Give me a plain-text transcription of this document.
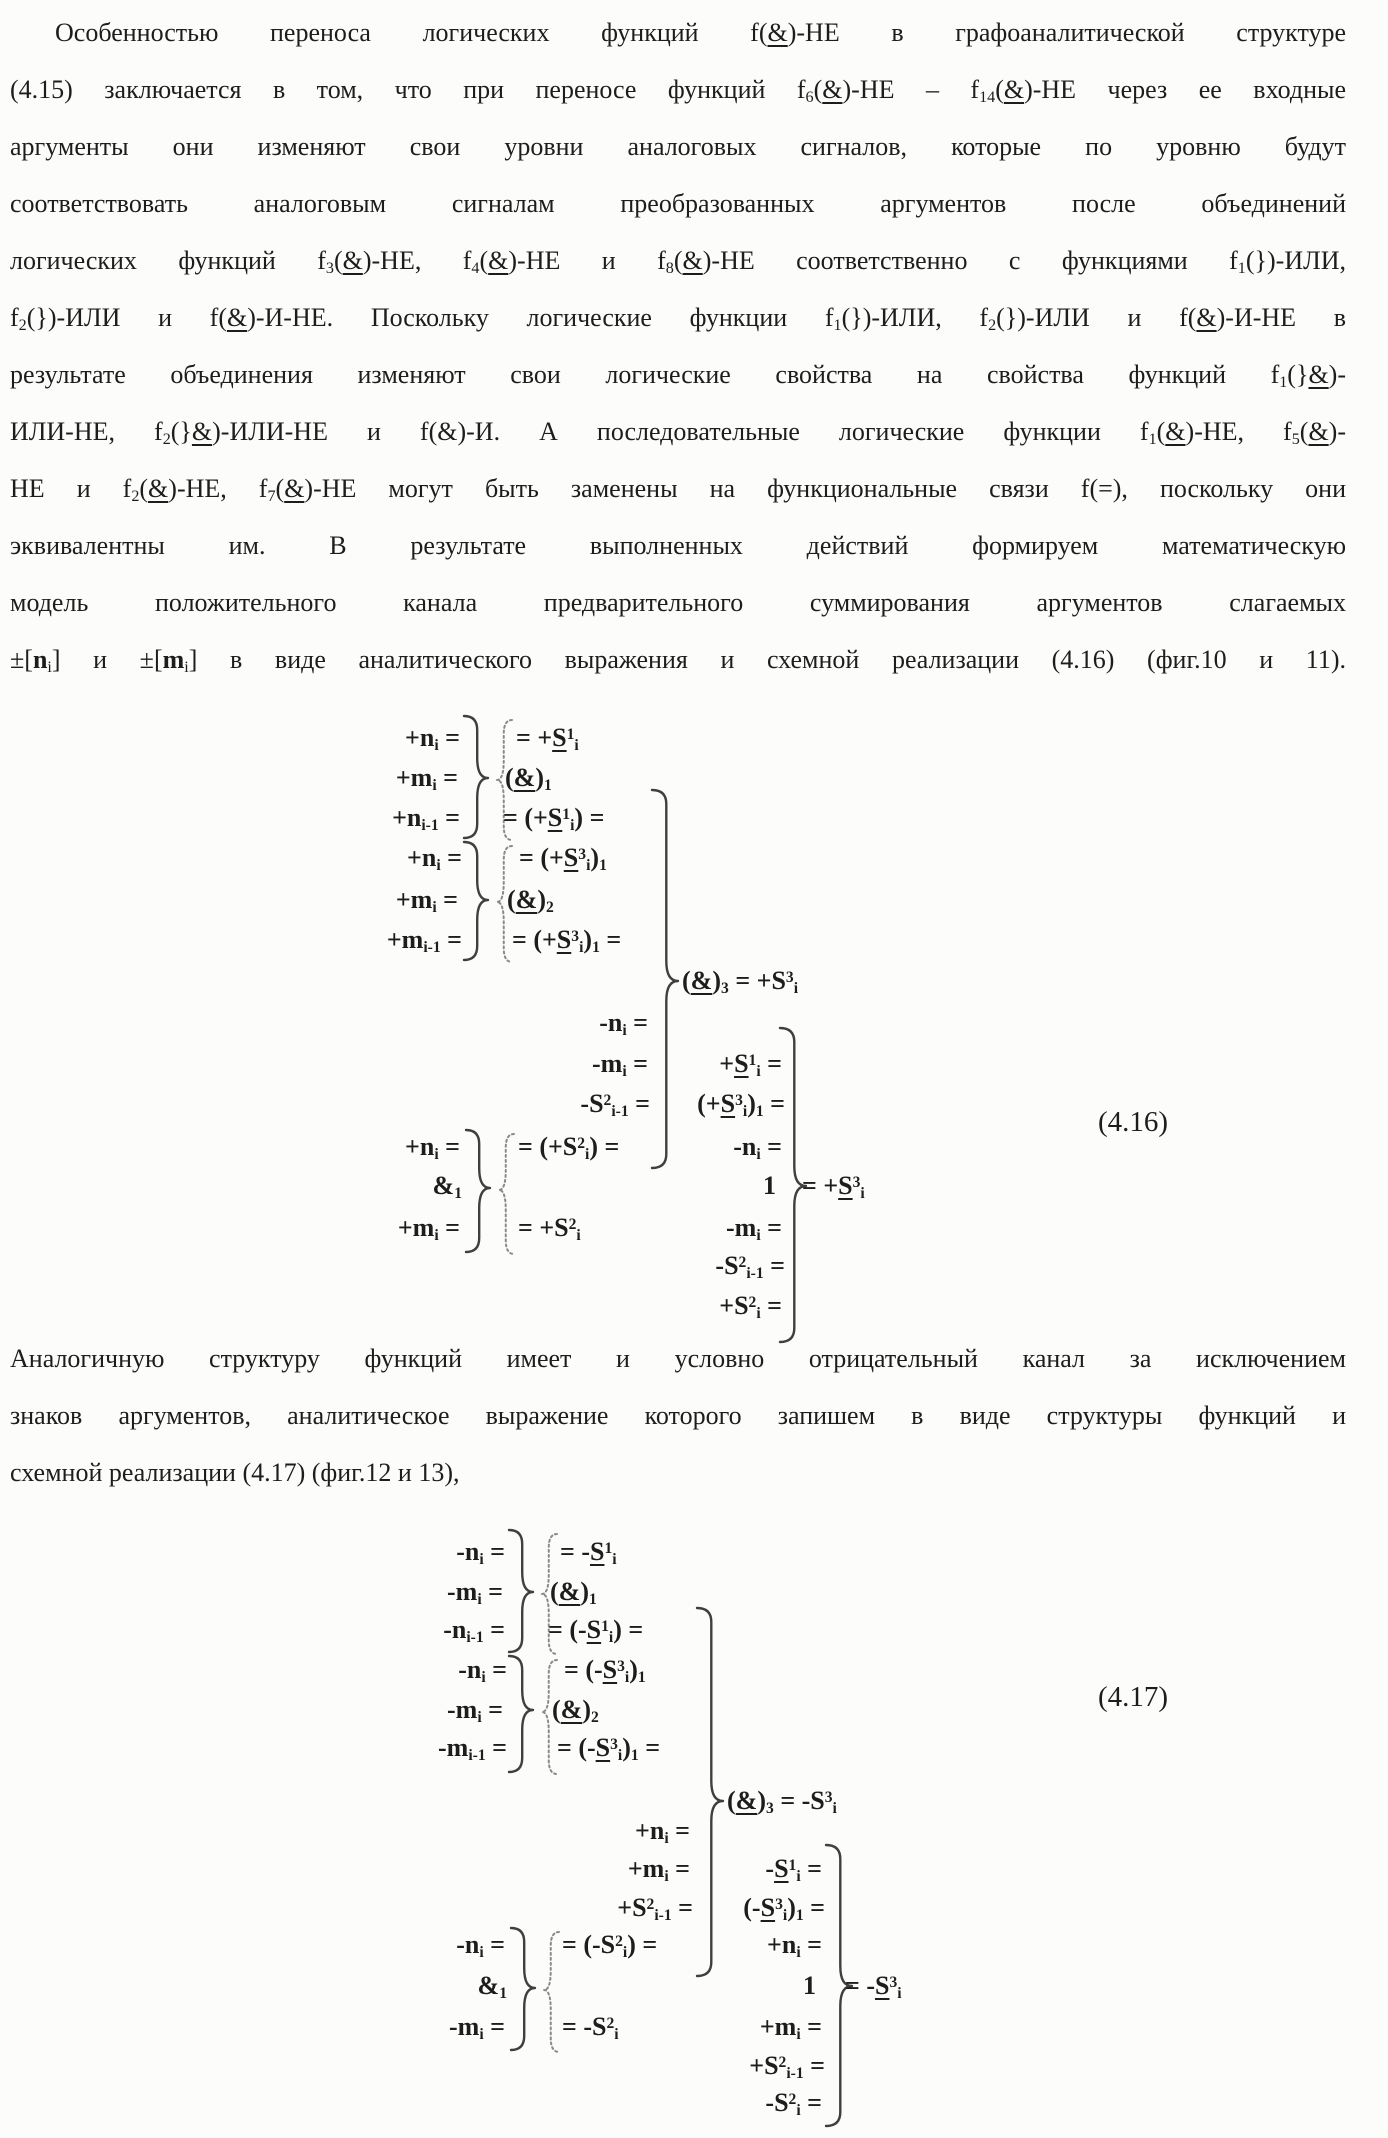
Особенностью переноса логических функций f(&)-НЕ в графоаналитической структуре
(4.15) заключается в том, что при переносе функций $f_6(\&)-НЕ$ – $f_{14}(\&)-НЕ$ через ее входные
аргументы они изменяют свои уровни аналоговых сигналов, которые по уровню будут
соответствовать аналоговым сигналам преобразованных аргументов после объединений
логических функций $f_3(\&)-НЕ$, $f_4(\&)-НЕ$ и $f_8(\&)-НЕ$ соответственно с функциями $f_1(\}$)-ИЛИ,
$f_2(\}$)-ИЛИ и f(&)-И-НЕ. Поскольку логические функции $f_1(\}$)-ИЛИ, $f_2(\}$)-ИЛИ и f(&)-И-НЕ в
результате объединения изменяют свои логические свойства на свойства функций $f_1(\}\&)-$
ИЛИ-НЕ, $f_2(\}\&)-ИЛИ-НЕ$ и f(&)-И. А последовательные логические функции $f_1(\&)-НЕ$, $f_5(\&)-$
НЕ и $f_2(\&)-НЕ$, $f_7(\&)-НЕ$ могут быть заменены на функциональные связи f(=), поскольку они
эквивалентны им. В результате выполненных действий формируем математическую
модель положительного канала предварительного суммирования аргументов слагаемых
$\pm[n_i]$ $и \pm[m_i]$ в виде аналитического выражения и схемной реализации (4.16) (фиг.10 и 11).
Аналогичную структуру функций имеет и условно отрицательный канал за исключением
знаков аргументов, аналитическое выражение которого запишем в виде структуры функций и
схемной реализации (4.17) (фиг.12 и 13),
$+n_i$ =
$+m_i$ =
$+n_{i-1}$ =
$+n_i$ =
$+m_i$ =
$+m_{i-1}$ =
= $+S^1_i$
$(\&)_1$
= $(+S^1_i)$ =
= $(+S^3_i)_1$
$(\&)_2$
= $(+S^3_i)_1$ =
$(\&)_3 = +S^3_i$
$-n_i$ =
$-m_i$ =
$-S^2_{i-1}$ =
= $(+S^2_i)$ =
$+n_i$ =
$\&_1$
$+m_i$ = = $+S^2_i$
$+S^1_i$ =
$(+S^3_i)_1$ =
$-n_i$ =
$1 = +S^3_i$
$-m_i$ =
$-S^2_{i-1}$ =
$+S^2_i$ =
(4.16)
$-n_i$ =
$-m_i$ =
$-n_{i-1}$ =
$-n_i$ =
$-m_i$ =
$-m_{i-1}$ =
= $-S^1_i$
$(\&)_1$
= $(-S^1_i)$ =
= $(-S^3_i)_1$
$(\&)_2$
= $(-S^3_i)_1$ =
$(\&)_3 = -S^3_i$
$+n_i$ =
$+m_i$ =
$+S^2_{i-1}$ =
= $(-S^2_i)$ =
$-n_i$ =
$\&_1$
$-m_i$ = = $-S^2_i$
$-S^1_i$ =
$(-S^3_i)_1$ =
$+n_i$ =
$1 = -S^3_i$
$+m_i$ =
$+S^2_{i-1}$ =
$-S^2_i$ =
(4.17)
